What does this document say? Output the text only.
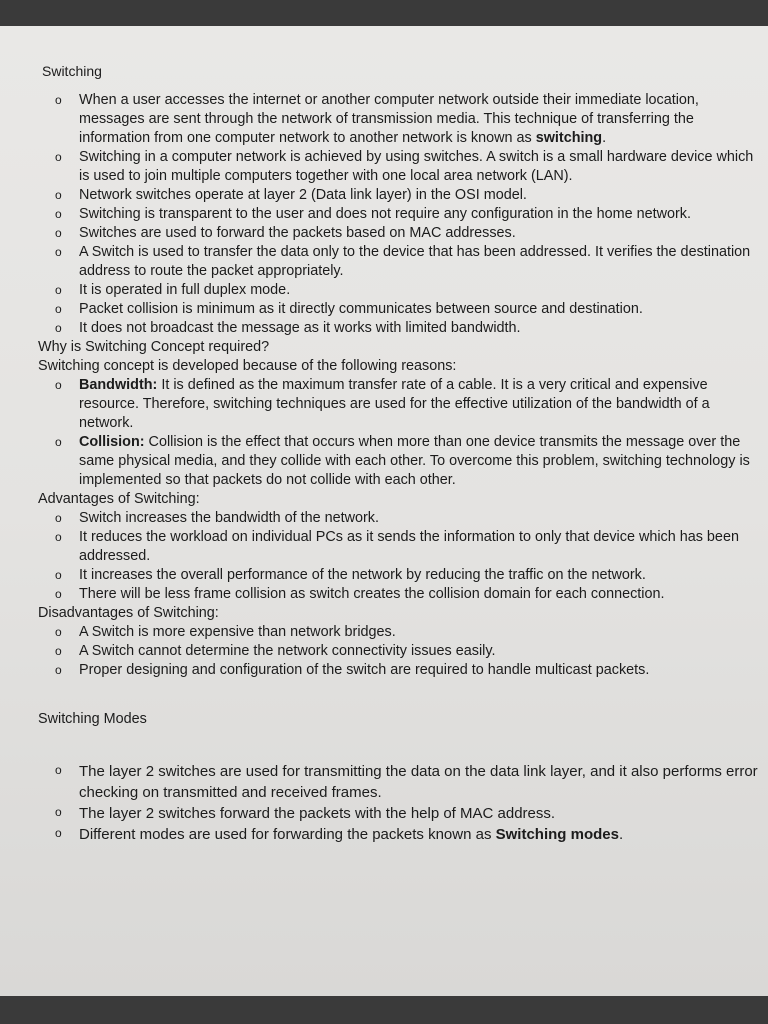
Switching
o When a user accesses the internet or another computer network outside their immediate location, messages are sent through the network of transmission media. This technique of transferring the information from one computer network to another network is known as switching.
o Switching in a computer network is achieved by using switches. A switch is a small hardware device which is used to join multiple computers together with one local area network (LAN).
o Network switches operate at layer 2 (Data link layer) in the OSI model.
o Switching is transparent to the user and does not require any configuration in the home network.
o Switches are used to forward the packets based on MAC addresses.
o A Switch is used to transfer the data only to the device that has been addressed. It verifies the destination address to route the packet appropriately.
o It is operated in full duplex mode.
o Packet collision is minimum as it directly communicates between source and destination.
o It does not broadcast the message as it works with limited bandwidth.
Why is Switching Concept required?
Switching concept is developed because of the following reasons:
o Bandwidth: It is defined as the maximum transfer rate of a cable. It is a very critical and expensive resource. Therefore, switching techniques are used for the effective utilization of the bandwidth of a network.
o Collision: Collision is the effect that occurs when more than one device transmits the message over the same physical media, and they collide with each other. To overcome this problem, switching technology is implemented so that packets do not collide with each other.
Advantages of Switching:
o Switch increases the bandwidth of the network.
o It reduces the workload on individual PCs as it sends the information to only that device which has been addressed.
o It increases the overall performance of the network by reducing the traffic on the network.
o There will be less frame collision as switch creates the collision domain for each connection.
Disadvantages of Switching:
o A Switch is more expensive than network bridges.
o A Switch cannot determine the network connectivity issues easily.
o Proper designing and configuration of the switch are required to handle multicast packets.
Switching Modes
o The layer 2 switches are used for transmitting the data on the data link layer, and it also performs error checking on transmitted and received frames.
o The layer 2 switches forward the packets with the help of MAC address.
o Different modes are used for forwarding the packets known as Switching modes.
